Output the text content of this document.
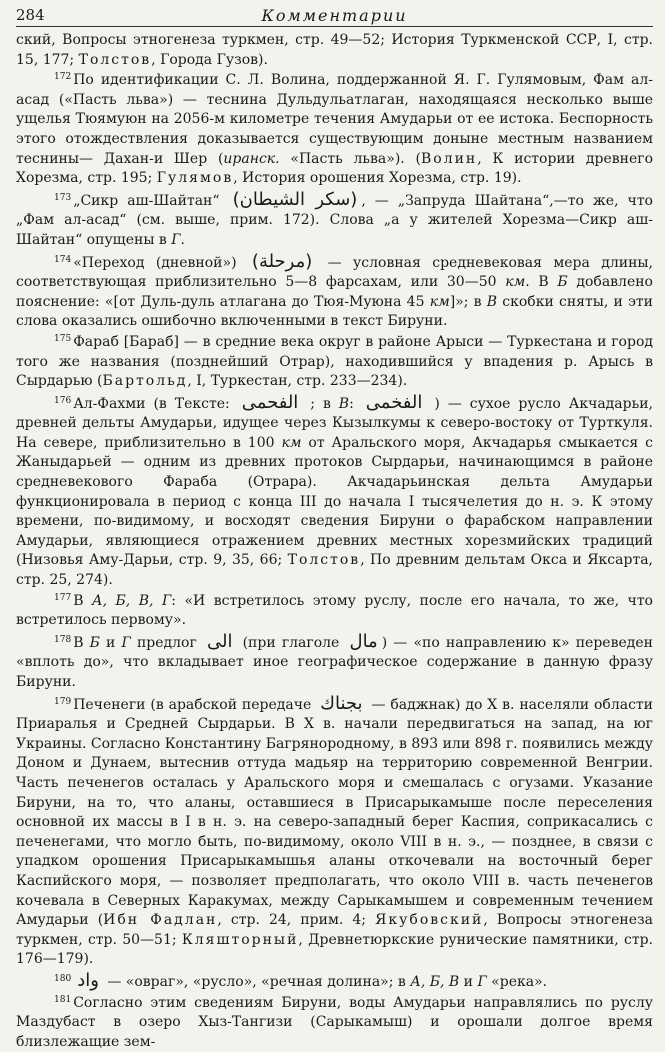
284	Комментарии

ский, Вопросы этногенеза туркмен, стр. 49—52; История Туркменской ССР, I, стр. 15, 177; Толстов, Города Гузов).

$^{172}$ По идентификации С. Л. Волина, поддержанной Я. Г. Гулямовым, Фам ал-асад («Пасть льва») — теснина Дульдульатлаган, находящаяся несколько выше ущелья Тюямуюн на 2056-м километре течения Амударьи от ее истока. Беспорность этого отождествления доказывается существующим доныне местным названием теснины— Дахан-и Шер (иранск. «Пасть льва»). (Волин, К истории древнего Хорезма, стр. 195; Гулямов, История орошения Хорезма, стр. 19).

$^{173}$ „Сикр аш-Шайтан“ (سكر الشيطان) , — „Запруда Шайтана“,—то же, что „Фам ал-асад“ (см. выше, прим. 172). Слова „а у жителей Хорезма—Сикр аш-Шайтан“ опущены в Г.

$^{174}$ «Переход (дневной») (مرحلة) — условная средневековая мера длины, соответствующая приблизительно 5—8 фарсахам, или 30—50 км. В Б добавлено пояснение: «[от Дуль-дуль атлагана до Тюя-Муюна 45 км]»; в В скобки сняты, и эти слова оказались ошибочно включенными в текст Бируни.

$^{175}$ Фараб [Бараб] — в средние века округ в районе Арыси — Туркестана и город того же названия (позднейший Отрар), находившийся у впадения р. Арысь в Сырдарью (Бартольд, I, Туркестан, стр. 233—234).

$^{176}$ Ал-Фахми (в Тексте: الفحمى ; в В: الفخمى ) — сухое русло Акчадарьи, древней дельты Амударьи, идущее через Кызылкумы к северо-востоку от Турткуля. На севере, приблизительно в 100 км от Аральского моря, Акчадарья смыкается с Жаныдарьей — одним из древних протоков Сырдарьи, начинающимся в районе средневекового Фараба (Отрара). Акчадарьинская дельта Амударьи функционировала в период с конца III до начала I тысячелетия до н. э. К этому времени, по-видимому, и восходят сведения Бируни о фарабском направлении Амударьи, являющиеся отражением древних местных хорезмийских традиций (Низовья Аму-Дарьи, стр. 9, 35, 66; Толстов, По древним дельтам Окса и Яксарта, стр. 25, 274).

$^{177}$ В А, Б, В, Г: «И встретилось этому руслу, после его начала, то же, что встретилось первому».

$^{178}$ В Б и Г предлог الى (при глаголе مال ) — «по направлению к» переведен «вплоть до», что вкладывает иное географическое содержание в данную фразу Бируни.

$^{179}$ Печенеги (в арабской передаче بجناك — баджнак) до X в. населяли области Приаралья и Средней Сырдарьи. В X в. начали передвигаться на запад, на юг Украины. Согласно Константину Багрянородному, в 893 или 898 г. появились между Доном и Дунаем, вытеснив оттуда мадьяр на территорию современной Венгрии. Часть печенегов осталась у Аральского моря и смешалась с огузами. Указание Бируни, на то, что аланы, оставшиеся в Присарыкамыше после переселения основной их массы в I в н. э. на северо-западный берег Каспия, соприкасались с печенегами, что могло быть, по-видимому, около VIII в н. э., — позднее, в связи с упадком орошения Присарыкамышья аланы откочевали на восточный берег Каспийского моря, — позволяет предполагать, что около VIII в. часть печенегов кочевала в Северных Каракумах, между Сарыкамышем и современным течением Амударьи (Ибн Фадлан, стр. 24, прим. 4; Якубовский, Вопросы этногенеза туркмен, стр. 50—51; Кляшторный, Древнетюркские рунические памятники, стр. 176—179).

$^{180}$ واد — «овраг», «русло», «речная долина»; в А, Б, В и Г «река».

$^{181}$ Согласно этим сведениям Бируни, воды Амударьи направлялись по руслу Маздубаст в озеро Хыз-Тангизи (Сарыкамыш) и орошали долгое время близлежащие зем-
